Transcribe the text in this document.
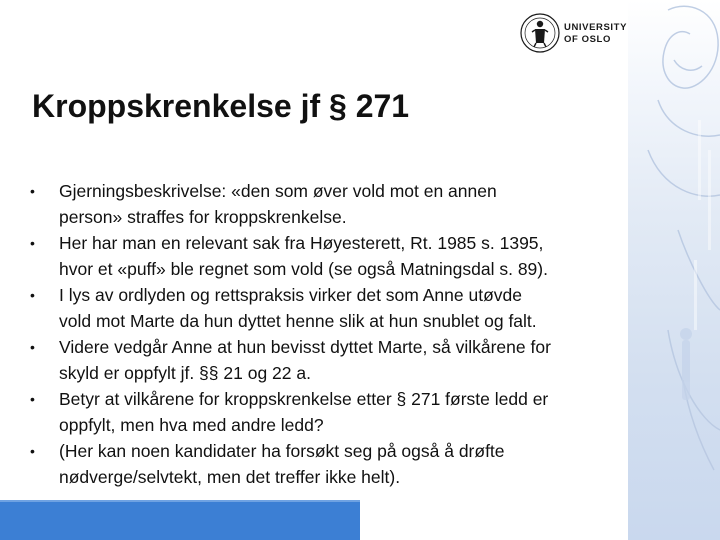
UNIVERSITY
OF OSLO
Kroppskrenkelse jf § 271
•	Gjerningsbeskrivelse: «den som øver vold mot en annen
person» straffes for kroppskrenkelse.
•	Her har man en relevant sak fra Høyesterett, Rt. 1985 s. 1395,
hvor et «puff» ble regnet som vold (se også Matningsdal s. 89).
•	I lys av ordlyden og rettspraksis virker det som Anne utøvde
vold mot Marte da hun dyttet henne slik at hun snublet og falt.
•	Videre vedgår Anne at hun bevisst dyttet Marte, så vilkårene for
skyld er oppfylt jf. §§ 21 og 22 a.
•	Betyr at vilkårene for kroppskrenkelse etter § 271 første ledd er
oppfylt, men hva med andre ledd?
•	(Her kan noen kandidater ha forsøkt seg på også å drøfte
nødverge/selvtekt, men det treffer ikke helt).
